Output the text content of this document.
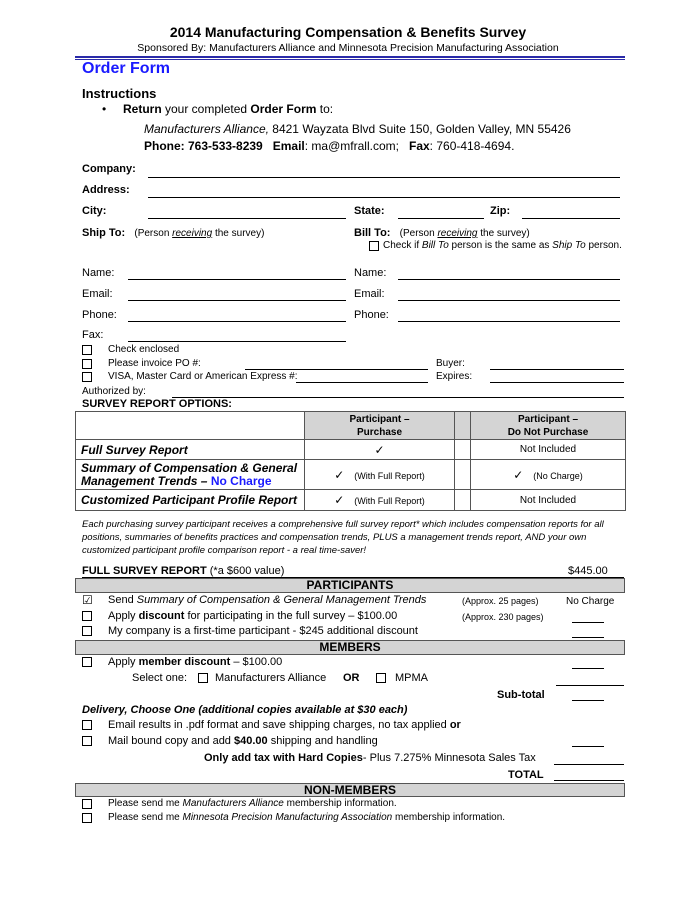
2014 Manufacturing Compensation & Benefits Survey
Sponsored By: Manufacturers Alliance and Minnesota Precision Manufacturing Association
Order Form
Instructions
• Return your completed Order Form to:
Manufacturers Alliance, 8421 Wayzata Blvd Suite 150, Golden Valley, MN 55426
Phone: 763-533-8239 Email: ma@mfrall.com; Fax: 760-418-4694.
Company:
Address:
City:	State:	Zip:
Ship To: (Person receiving the survey)	Bill To: (Person receiving the survey)
Check if Bill To person is the same as Ship To person.
Name:	Name:
Email:	Email:
Phone:	Phone:
Fax:
Check enclosed
Please invoice PO #:	Buyer:
VISA, Master Card or American Express #:	Expires:
Authorized by:
SURVEY REPORT OPTIONS:
	Participant –
Purchase		Participant –
Do Not Purchase
Full Survey Report	✓		Not Included
Summary of Compensation & General
Management Trends – No Charge	✓ (With Full Report)		✓ (No Charge)
Customized Participant Profile Report	✓ (With Full Report)		Not Included
Each purchasing survey participant receives a comprehensive full survey report* which includes compensation reports for all
positions, summaries of benefits practices and compensation trends, PLUS a management trends report, AND your own
customized participant profile comparison report - a real time-saver!
FULL SURVEY REPORT (*a $600 value)	$445.00
PARTICIPANTS
☑ Send Summary of Compensation & General Management Trends	(Approx. 25 pages)	No Charge
Apply discount for participating in the full survey – $100.00	(Approx. 230 pages)
My company is a first-time participant - $245 additional discount
MEMBERS
Apply member discount – $100.00
Select one:	Manufacturers Alliance OR	MPMA
Sub-total
Delivery, Choose One (additional copies available at $30 each)
Email results in .pdf format and save shipping charges, no tax applied or
Mail bound copy and add $40.00 shipping and handling
Only add tax with Hard Copies- Plus 7.275% Minnesota Sales Tax
TOTAL
NON-MEMBERS
Please send me Manufacturers Alliance membership information.
Please send me Minnesota Precision Manufacturing Association membership information.
